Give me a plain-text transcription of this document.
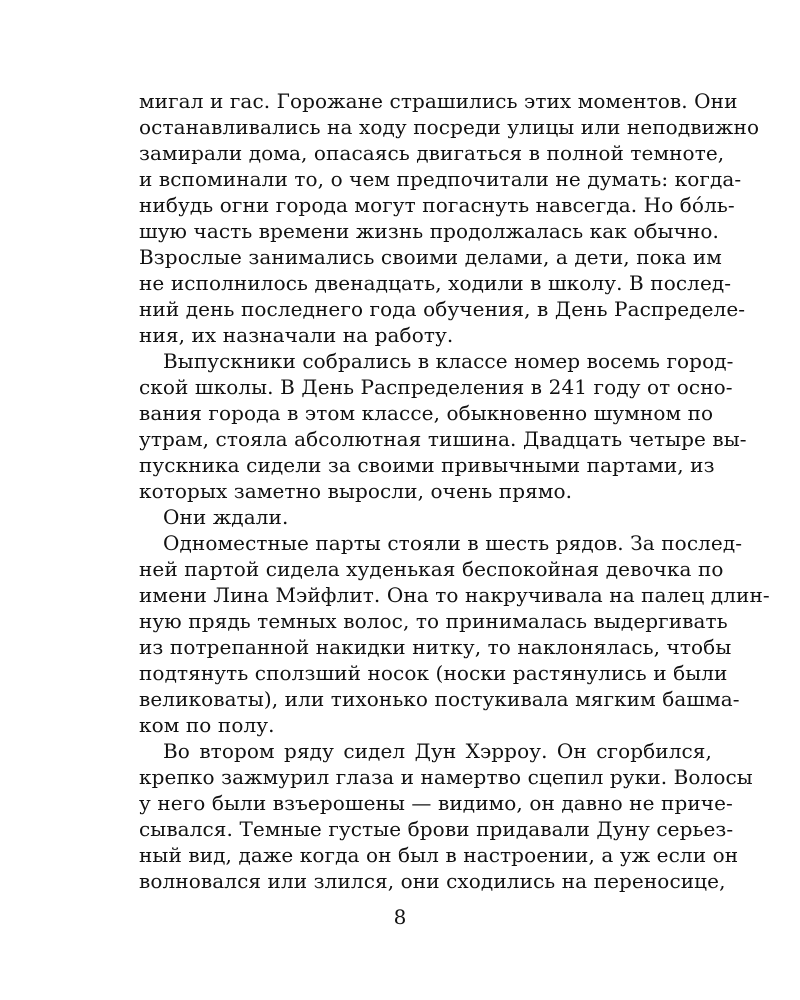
мигал и гас. Горожане страшились этих моментов. Они
останавливались на ходу посреди улицы или неподвижно
замирали дома, опасаясь двигаться в полной темноте,
и вспоминали то, о чем предпочитали не думать: когда-
нибудь огни города могут погаснуть навсегда. Но бóль-
шую часть времени жизнь продолжалась как обычно.
Взрослые занимались своими делами, а дети, пока им
не исполнилось двенадцать, ходили в школу. В послед-
ний день последнего года обучения, в День Распределе-
ния, их назначали на работу.
Выпускники собрались в классе номер восемь город-
ской школы. В День Распределения в 241 году от осно-
вания города в этом классе, обыкновенно шумном по
утрам, стояла абсолютная тишина. Двадцать четыре вы-
пускника сидели за своими привычными партами, из
которых заметно выросли, очень прямо.
Они ждали.
Одноместные парты стояли в шесть рядов. За послед-
ней партой сидела худенькая беспокойная девочка по
имени Лина Мэйфлит. Она то накручивала на палец длин-
ную прядь темных волос, то принималась выдергивать
из потрепанной накидки нитку, то наклонялась, чтобы
подтянуть сползший носок (носки растянулись и были
великоваты), или тихонько постукивала мягким башма-
ком по полу.
Во втором ряду сидел Дун Хэрроу. Он сгорбился,
крепко зажмурил глаза и намертво сцепил руки. Волосы
у него были взъерошены — видимо, он давно не приче-
сывался. Темные густые брови придавали Дуну серьез-
ный вид, даже когда он был в настроении, а уж если он
волновался или злился, они сходились на переносице,
8
